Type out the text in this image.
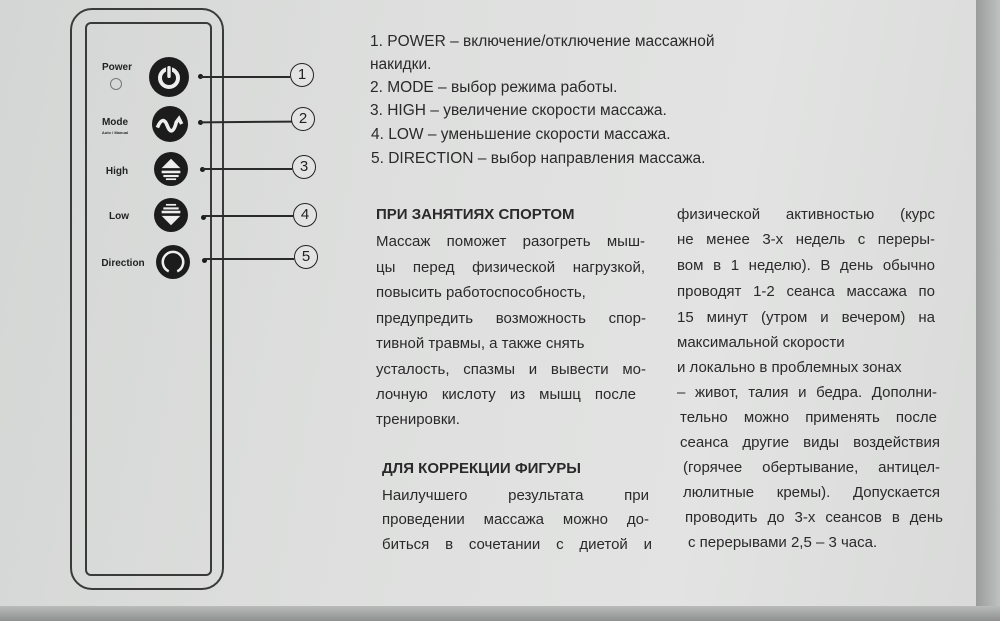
Power
Mode
Auto / Manual
High
Low
Direction
1
2
3
4
5
1. POWER – включение/отключение массажной
накидки.
2. MODE – выбор режима работы.
3. HIGH – увеличение скорости массажа.
4. LOW – уменьшение скорости массажа.
5. DIRECTION – выбор направления массажа.
ПРИ ЗАНЯТИЯХ СПОРТОМ
Массаж поможет разогреть мыш-
цы перед физической нагрузкой,
повысить работоспособность,
предупредить возможность спор-
тивной травмы, а также снять
усталость, спазмы и вывести мо-
лочную кислоту из мышц после
тренировки.
ДЛЯ КОРРЕКЦИИ ФИГУРЫ
Наилучшего результата при
проведении массажа можно до-
биться в сочетании с диетой и
физической активностью (курс
не менее 3-х недель с переры-
вом в 1 неделю). В день обычно
проводят 1-2 сеанса массажа по
15 минут (утром и вечером) на
максимальной скорости
и локально в проблемных зонах
– живот, талия и бедра. Дополни-
тельно можно применять после
сеанса другие виды воздействия
(горячее обертывание, антицел-
люлитные кремы). Допускается
проводить до 3-х сеансов в день
с перерывами 2,5 – 3 часа.
